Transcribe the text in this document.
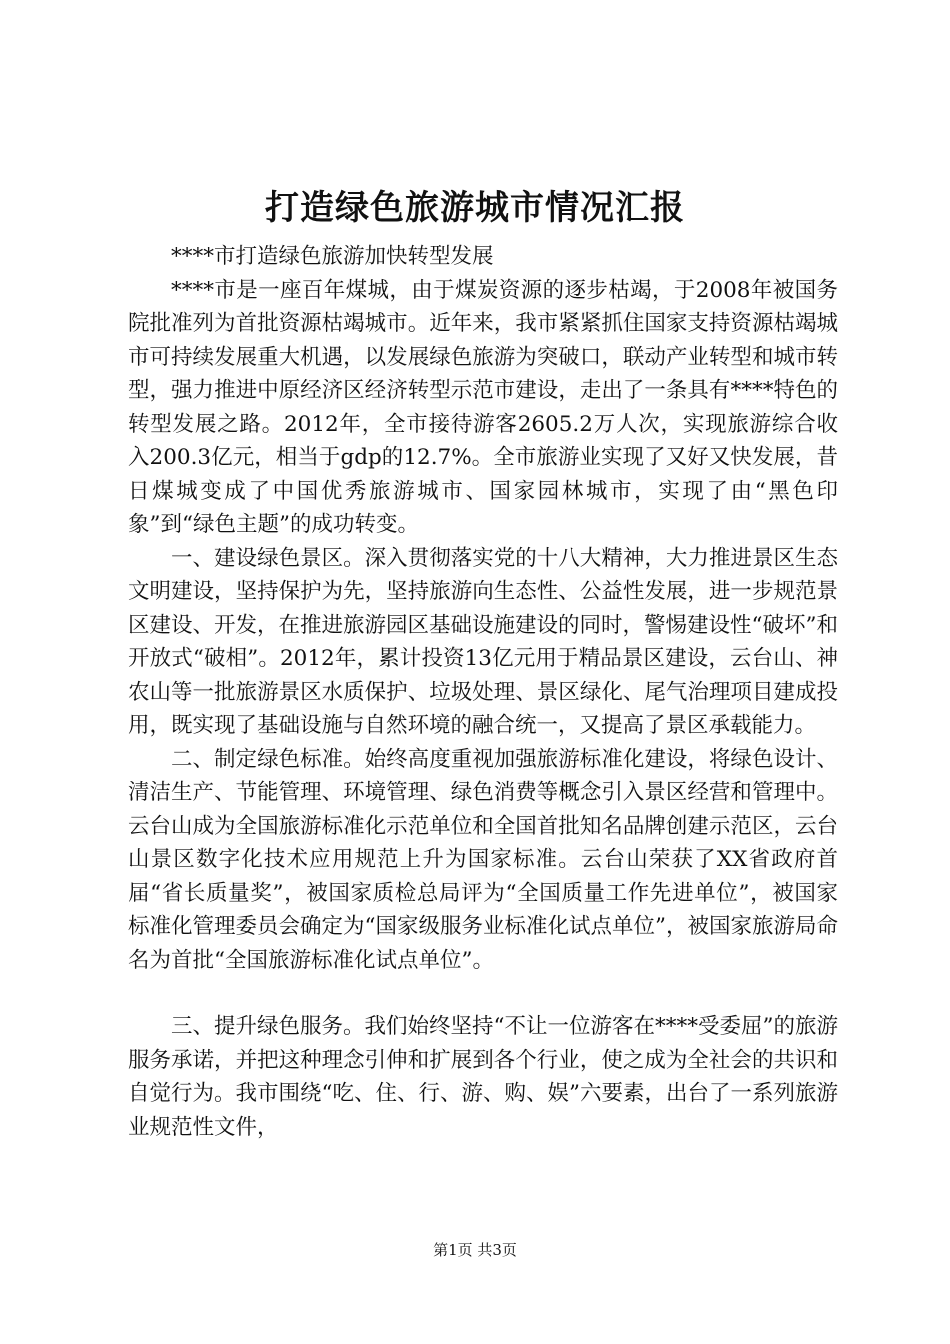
打造绿色旅游城市情况汇报

****市打造绿色旅游加快转型发展

****市是一座百年煤城，由于煤炭资源的逐步枯竭，于2008年被国务院批准列为首批资源枯竭城市。近年来，我市紧紧抓住国家支持资源枯竭城市可持续发展重大机遇，以发展绿色旅游为突破口，联动产业转型和城市转型，强力推进中原经济区经济转型示范市建设，走出了一条具有****特色的转型发展之路。2012年，全市接待游客2605.2万人次，实现旅游综合收入200.3亿元，相当于gdp的12.7%。全市旅游业实现了又好又快发展，昔日煤城变成了中国优秀旅游城市、国家园林城市，实现了由“黑色印象”到“绿色主题”的成功转变。

一、建设绿色景区。深入贯彻落实党的十八大精神，大力推进景区生态文明建设，坚持保护为先，坚持旅游向生态性、公益性发展，进一步规范景区建设、开发，在推进旅游园区基础设施建设的同时，警惕建设性“破坏”和开放式“破相”。2012年，累计投资13亿元用于精品景区建设，云台山、神农山等一批旅游景区水质保护、垃圾处理、景区绿化、尾气治理项目建成投用，既实现了基础设施与自然环境的融合统一，又提高了景区承载能力。

二、制定绿色标准。始终高度重视加强旅游标准化建设，将绿色设计、清洁生产、节能管理、环境管理、绿色消费等概念引入景区经营和管理中。云台山成为全国旅游标准化示范单位和全国首批知名品牌创建示范区，云台山景区数字化技术应用规范上升为国家标准。云台山荣获了XX省政府首届“省长质量奖”，被国家质检总局评为“全国质量工作先进单位”，被国家标准化管理委员会确定为“国家级服务业标准化试点单位”，被国家旅游局命名为首批“全国旅游标准化试点单位”。

三、提升绿色服务。我们始终坚持“不让一位游客在****受委屈”的旅游服务承诺，并把这种理念引伸和扩展到各个行业，使之成为全社会的共识和自觉行为。我市围绕“吃、住、行、游、购、娱”六要素，出台了一系列旅游业规范性文件，

第1页 共3页
